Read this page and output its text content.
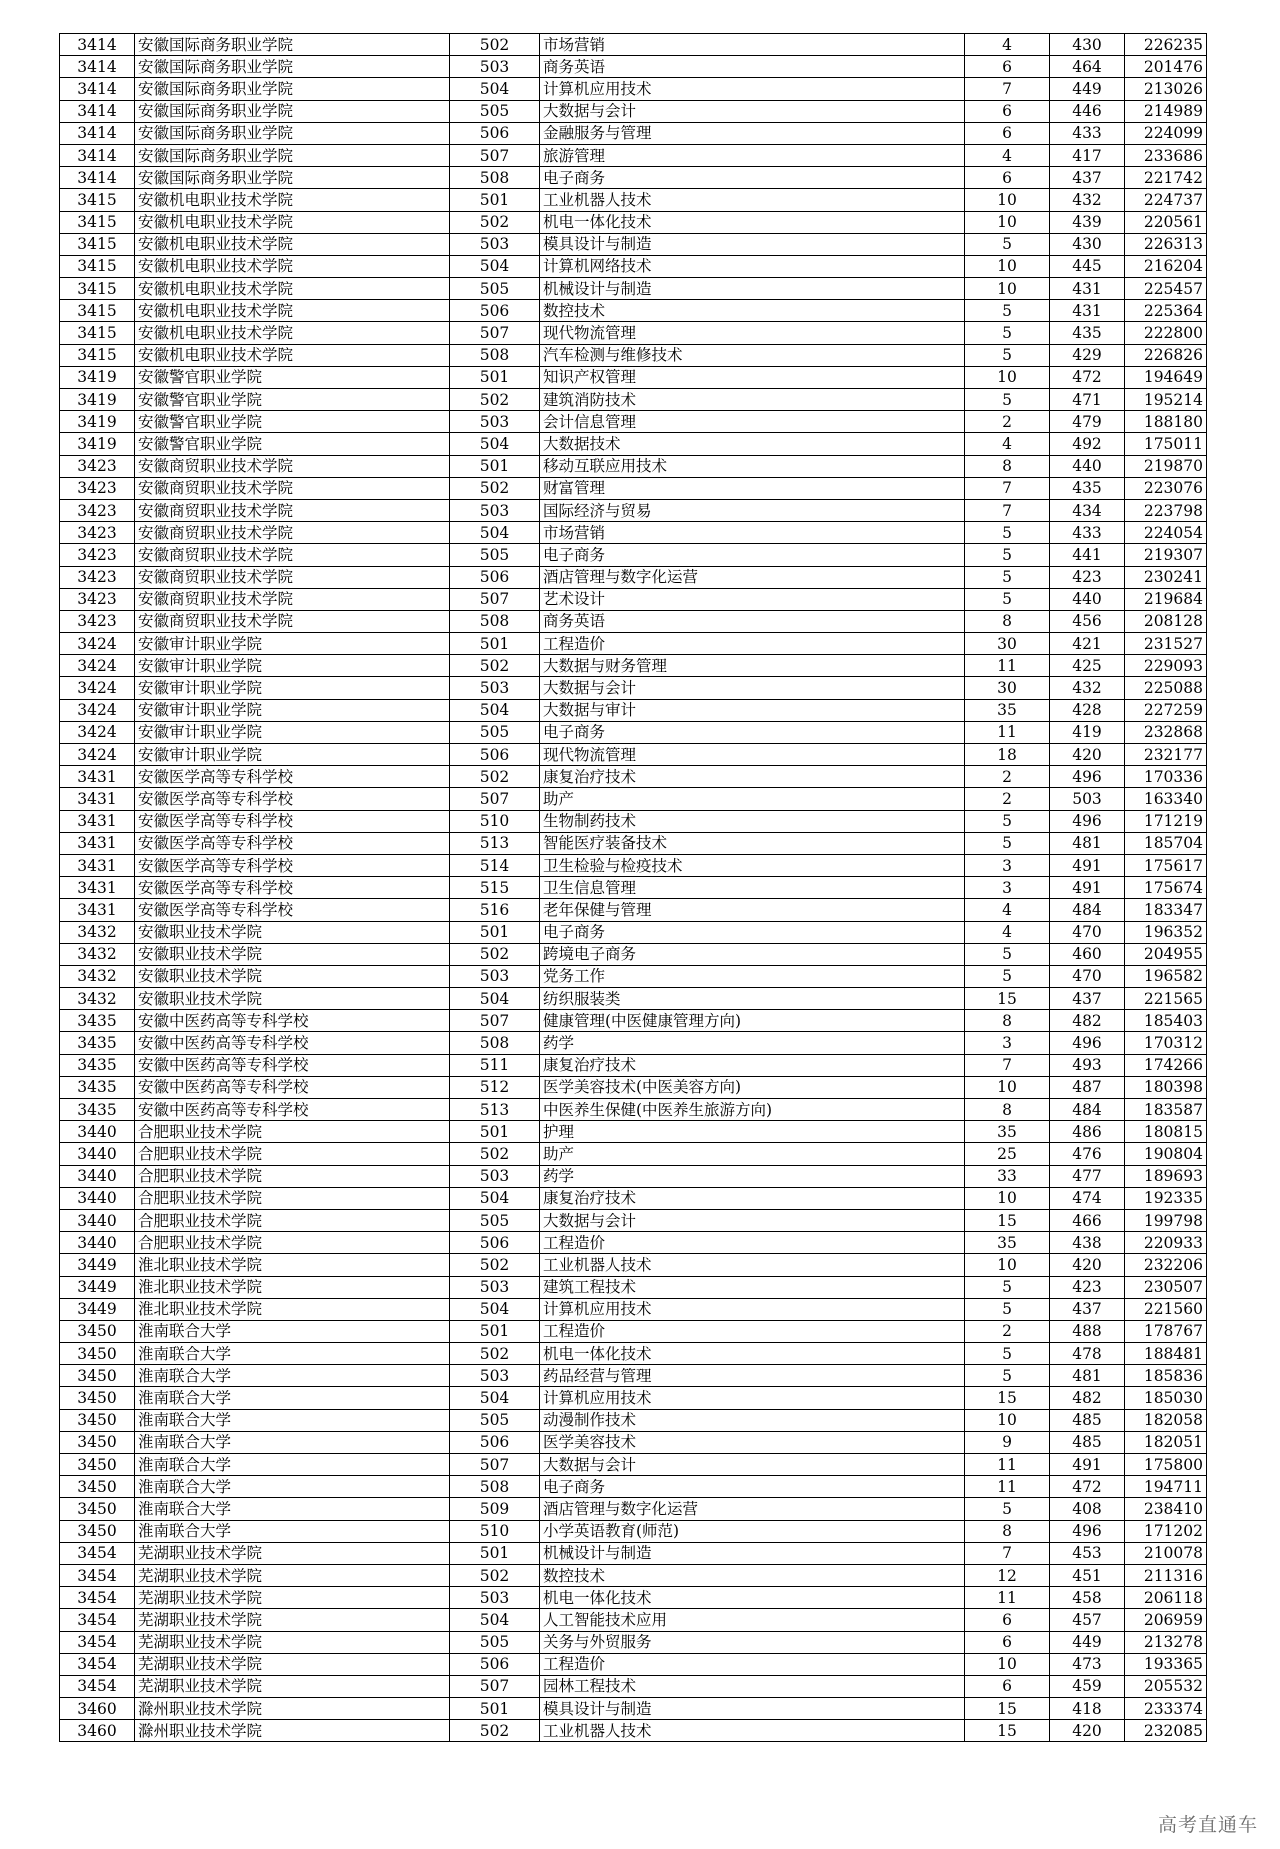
3414	安徽国际商务职业学院	502	市场营销	4	430	226235
3414	安徽国际商务职业学院	503	商务英语	6	464	201476
3414	安徽国际商务职业学院	504	计算机应用技术	7	449	213026
3414	安徽国际商务职业学院	505	大数据与会计	6	446	214989
3414	安徽国际商务职业学院	506	金融服务与管理	6	433	224099
3414	安徽国际商务职业学院	507	旅游管理	4	417	233686
3414	安徽国际商务职业学院	508	电子商务	6	437	221742
3415	安徽机电职业技术学院	501	工业机器人技术	10	432	224737
3415	安徽机电职业技术学院	502	机电一体化技术	10	439	220561
3415	安徽机电职业技术学院	503	模具设计与制造	5	430	226313
3415	安徽机电职业技术学院	504	计算机网络技术	10	445	216204
3415	安徽机电职业技术学院	505	机械设计与制造	10	431	225457
3415	安徽机电职业技术学院	506	数控技术	5	431	225364
3415	安徽机电职业技术学院	507	现代物流管理	5	435	222800
3415	安徽机电职业技术学院	508	汽车检测与维修技术	5	429	226826
3419	安徽警官职业学院	501	知识产权管理	10	472	194649
3419	安徽警官职业学院	502	建筑消防技术	5	471	195214
3419	安徽警官职业学院	503	会计信息管理	2	479	188180
3419	安徽警官职业学院	504	大数据技术	4	492	175011
3423	安徽商贸职业技术学院	501	移动互联应用技术	8	440	219870
3423	安徽商贸职业技术学院	502	财富管理	7	435	223076
3423	安徽商贸职业技术学院	503	国际经济与贸易	7	434	223798
3423	安徽商贸职业技术学院	504	市场营销	5	433	224054
3423	安徽商贸职业技术学院	505	电子商务	5	441	219307
3423	安徽商贸职业技术学院	506	酒店管理与数字化运营	5	423	230241
3423	安徽商贸职业技术学院	507	艺术设计	5	440	219684
3423	安徽商贸职业技术学院	508	商务英语	8	456	208128
3424	安徽审计职业学院	501	工程造价	30	421	231527
3424	安徽审计职业学院	502	大数据与财务管理	11	425	229093
3424	安徽审计职业学院	503	大数据与会计	30	432	225088
3424	安徽审计职业学院	504	大数据与审计	35	428	227259
3424	安徽审计职业学院	505	电子商务	11	419	232868
3424	安徽审计职业学院	506	现代物流管理	18	420	232177
3431	安徽医学高等专科学校	502	康复治疗技术	2	496	170336
3431	安徽医学高等专科学校	507	助产	2	503	163340
3431	安徽医学高等专科学校	510	生物制药技术	5	496	171219
3431	安徽医学高等专科学校	513	智能医疗装备技术	5	481	185704
3431	安徽医学高等专科学校	514	卫生检验与检疫技术	3	491	175617
3431	安徽医学高等专科学校	515	卫生信息管理	3	491	175674
3431	安徽医学高等专科学校	516	老年保健与管理	4	484	183347
3432	安徽职业技术学院	501	电子商务	4	470	196352
3432	安徽职业技术学院	502	跨境电子商务	5	460	204955
3432	安徽职业技术学院	503	党务工作	5	470	196582
3432	安徽职业技术学院	504	纺织服装类	15	437	221565
3435	安徽中医药高等专科学校	507	健康管理(中医健康管理方向)	8	482	185403
3435	安徽中医药高等专科学校	508	药学	3	496	170312
3435	安徽中医药高等专科学校	511	康复治疗技术	7	493	174266
3435	安徽中医药高等专科学校	512	医学美容技术(中医美容方向)	10	487	180398
3435	安徽中医药高等专科学校	513	中医养生保健(中医养生旅游方向)	8	484	183587
3440	合肥职业技术学院	501	护理	35	486	180815
3440	合肥职业技术学院	502	助产	25	476	190804
3440	合肥职业技术学院	503	药学	33	477	189693
3440	合肥职业技术学院	504	康复治疗技术	10	474	192335
3440	合肥职业技术学院	505	大数据与会计	15	466	199798
3440	合肥职业技术学院	506	工程造价	35	438	220933
3449	淮北职业技术学院	502	工业机器人技术	10	420	232206
3449	淮北职业技术学院	503	建筑工程技术	5	423	230507
3449	淮北职业技术学院	504	计算机应用技术	5	437	221560
3450	淮南联合大学	501	工程造价	2	488	178767
3450	淮南联合大学	502	机电一体化技术	5	478	188481
3450	淮南联合大学	503	药品经营与管理	5	481	185836
3450	淮南联合大学	504	计算机应用技术	15	482	185030
3450	淮南联合大学	505	动漫制作技术	10	485	182058
3450	淮南联合大学	506	医学美容技术	9	485	182051
3450	淮南联合大学	507	大数据与会计	11	491	175800
3450	淮南联合大学	508	电子商务	11	472	194711
3450	淮南联合大学	509	酒店管理与数字化运营	5	408	238410
3450	淮南联合大学	510	小学英语教育(师范)	8	496	171202
3454	芜湖职业技术学院	501	机械设计与制造	7	453	210078
3454	芜湖职业技术学院	502	数控技术	12	451	211316
3454	芜湖职业技术学院	503	机电一体化技术	11	458	206118
3454	芜湖职业技术学院	504	人工智能技术应用	6	457	206959
3454	芜湖职业技术学院	505	关务与外贸服务	6	449	213278
3454	芜湖职业技术学院	506	工程造价	10	473	193365
3454	芜湖职业技术学院	507	园林工程技术	6	459	205532
3460	滁州职业技术学院	501	模具设计与制造	15	418	233374
3460	滁州职业技术学院	502	工业机器人技术	15	420	232085
高考直通车
